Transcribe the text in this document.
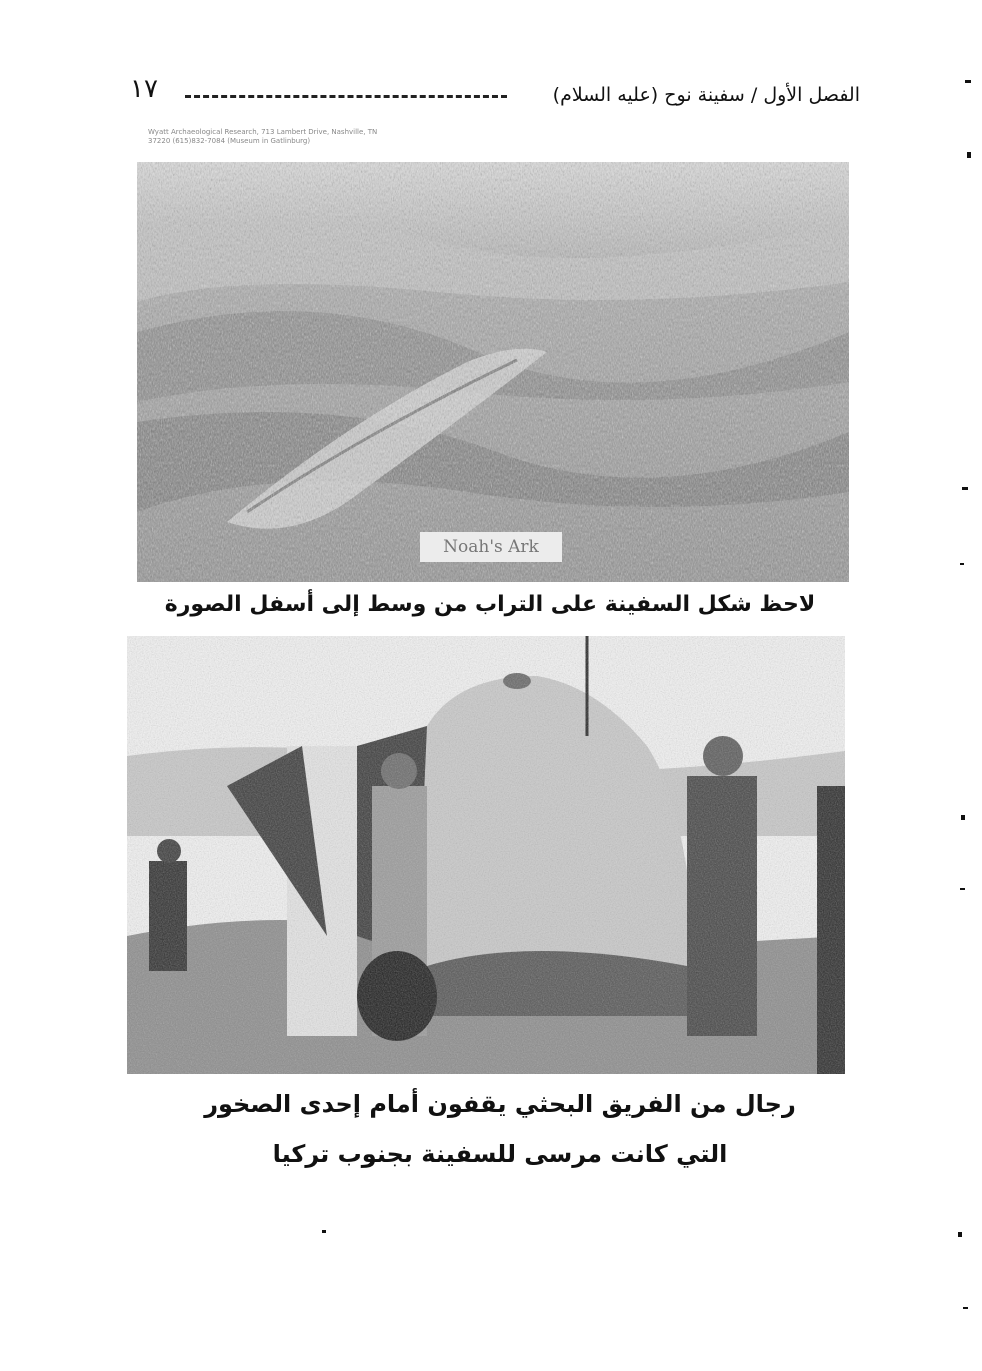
١٧	الفصل الأول / سفينة نوح (عليه السلام)
Wyatt Archaeological Research, 713 Lambert Drive, Nashville, TN 37220 (615)832-7084 (Museum in Gatlinburg)
Noah's Ark
لاحظ شكل السفينة على التراب من وسط إلى أسفل الصورة
رجال من الفريق البحثي يقفون أمام إحدى الصخور
التي كانت مرسى للسفينة بجنوب تركيا
